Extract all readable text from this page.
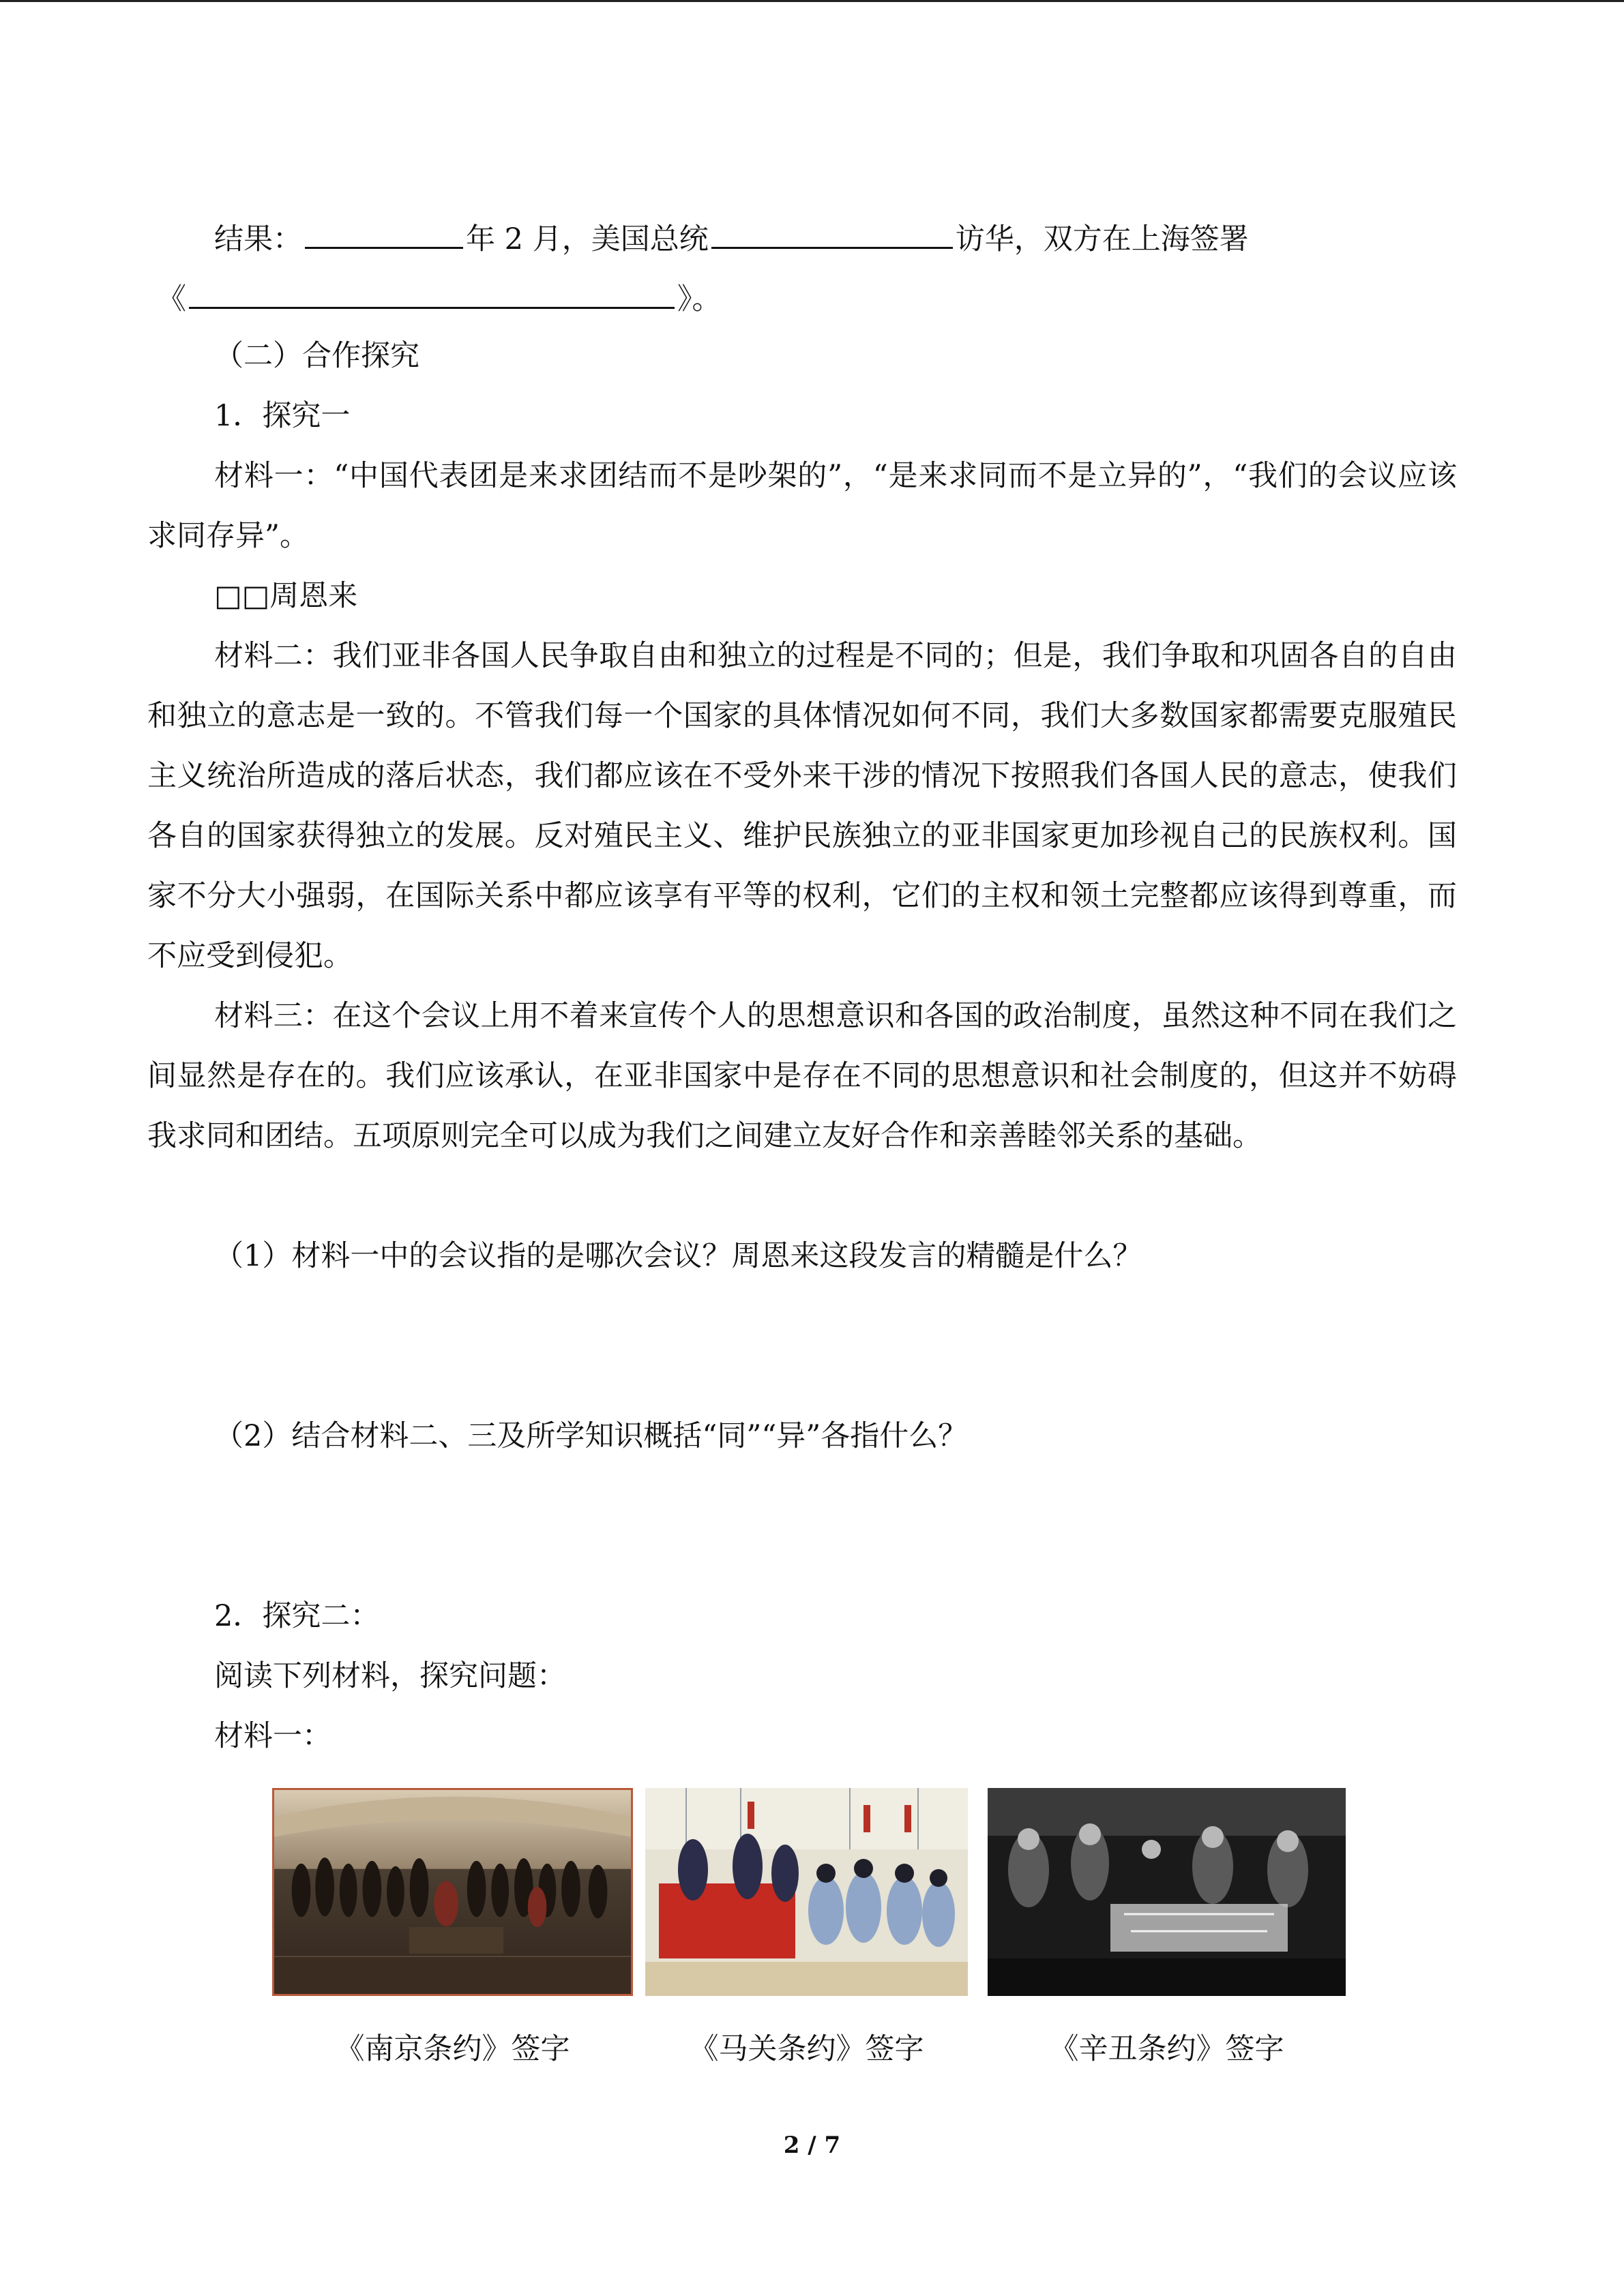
结果：	年 2 月，美国总统	访华，双方在上海签署
《	》。
（二）合作探究
1．探究一
材料一：“中国代表团是来求团结而不是吵架的”，“是来求同而不是立异的”，“我们的会议应该求同存异”。
□□周恩来
材料二：我们亚非各国人民争取自由和独立的过程是不同的；但是，我们争取和巩固各自的自由和独立的意志是一致的。不管我们每一个国家的具体情况如何不同，我们大多数国家都需要克服殖民主义统治所造成的落后状态，我们都应该在不受外来干涉的情况下按照我们各国人民的意志，使我们各自的国家获得独立的发展。反对殖民主义、维护民族独立的亚非国家更加珍视自己的民族权利。国家不分大小强弱，在国际关系中都应该享有平等的权利，它们的主权和领土完整都应该得到尊重，而不应受到侵犯。
材料三：在这个会议上用不着来宣传个人的思想意识和各国的政治制度，虽然这种不同在我们之间显然是存在的。我们应该承认，在亚非国家中是存在不同的思想意识和社会制度的，但这并不妨碍我求同和团结。五项原则完全可以成为我们之间建立友好合作和亲善睦邻关系的基础。
（1）材料一中的会议指的是哪次会议？周恩来这段发言的精髓是什么？
（2）结合材料二、三及所学知识概括“同”“异”各指什么？
2．探究二：
阅读下列材料，探究问题：
材料一：
《南京条约》签字	《马关条约》签字	《辛丑条约》签字
2 / 7
